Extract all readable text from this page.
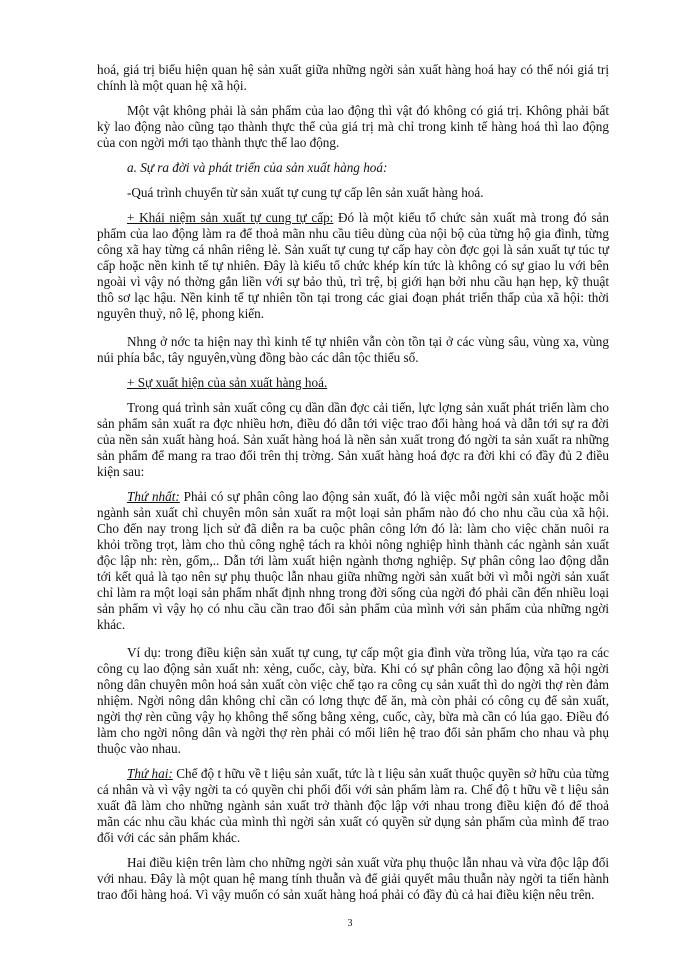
hoá, giá trị biểu hiện quan hệ sản xuất giữa những ngời sản xuất hàng hoá hay có thể nói giá trị chính là một quan hệ xã hội.

Một vật không phải là sản phẩm của lao động thì vật đó không có giá trị. Không phải bất kỳ lao động nào cũng tạo thành thực thể của giá trị mà chỉ trong kinh tế hàng hoá thì lao động của con ngời mới tạo thành thực thể lao động.

a. Sự ra đời và phát triển của sản xuất hàng hoá:

-Quá trình chuyển từ sản xuất tự cung tự cấp lên sản xuất hàng hoá.

+ Khái niệm sản xuất tự cung tự cấp: Đó là một kiểu tổ chức sản xuất mà trong đó sản phẩm của lao động làm ra để thoả mãn nhu cầu tiêu dùng của nội bộ của từng hộ gia đình, từng công xã hay từng cá nhân riêng lẻ. Sản xuất tự cung tự cấp hay còn đợc gọi là sản xuất tự túc tự cấp hoặc nền kinh tế tự nhiên. Đây là kiểu tổ chức khép kín tức là không có sự giao lu với bên ngoài vì vậy nó thờng gắn liền với sự bảo thủ, trì trệ, bị giới hạn bởi nhu cầu hạn hẹp, kỹ thuật thô sơ lạc hậu. Nền kinh tế tự nhiên tồn tại trong các giai đoạn phát triển thấp của xã hội: thời nguyên thuỷ, nô lệ, phong kiến.

Nhng ở nớc ta hiện nay thì kinh tế tự nhiên vẫn còn tồn tại ở các vùng sâu, vùng xa, vùng núi phía bắc, tây nguyên,vùng đồng bào các dân tộc thiểu số.

+ Sự xuất hiện của sản xuất hàng hoá.

Trong quá trình sản xuất công cụ dần dần đợc cải tiến, lực lợng sản xuất phát triển làm cho sản phẩm sản xuất ra đợc nhiều hơn, điều đó dẫn tới việc trao đổi hàng hoá và dẫn tới sự ra đời của nền sản xuất hàng hoá. Sản xuất hàng hoá là nền sản xuất trong đó ngời ta sản xuất ra những sản phẩm để mang ra trao đổi trên thị trờng. Sản xuất hàng hoá đợc ra đời khi có đầy đủ 2 điều kiện sau:

Thứ nhất: Phải có sự phân công lao động sản xuất, đó là việc mỗi ngời sản xuất hoặc mỗi ngành sản xuất chỉ chuyên môn sản xuất ra một loại sản phẩm nào đó cho nhu cầu của xã hội. Cho đến nay trong lịch sử đã diễn ra ba cuộc phân công lớn đó là: làm cho việc chăn nuôi ra khỏi trồng trọt, làm cho thủ công nghệ tách ra khỏi nông nghiệp hình thành các ngành sản xuất độc lập nh: rèn, gốm,.. Dẫn tới làm xuất hiện ngành thơng nghiệp. Sự phân công lao động dẫn tới kết quả là tạo nên sự phụ thuộc lẫn nhau giữa những ngời sản xuất bởi vì mỗi ngời sản xuất chỉ làm ra một loại sản phẩm nhất định nhng trong đời sống của ngời đó phải cần đến nhiều loại sản phẩm vì vậy họ có nhu cầu cần trao đổi sản phẩm của mình với sản phẩm của những ngời khác.

Ví dụ: trong điều kiện sản xuất tự cung, tự cấp một gia đình vừa trồng lúa, vừa tạo ra các công cụ lao động sản xuất nh: xẻng, cuốc, cày, bừa. Khi có sự phân công lao động xã hội ngời nông dân chuyên môn hoá sản xuất còn việc chế tạo ra công cụ sản xuất thì do ngời thợ rèn đảm nhiệm. Ngời nông dân không chỉ cần có lơng thực để ăn, mà còn phải có công cụ để sản xuất, ngời thợ rèn cũng vậy họ không thể sống bằng xẻng, cuốc, cày, bừa mà cần có lúa gạo. Điều đó làm cho ngời nông dân và ngời thợ rèn phải có mối liên hệ trao đổi sản phẩm cho nhau và phụ thuộc vào nhau.

Thứ hai: Chế độ t hữu về t liệu sản xuất, tức là t liệu sản xuất thuộc quyền sở hữu của từng cá nhân và vì vậy ngời ta có quyền chi phối đối với sản phẩm làm ra. Chế độ t hữu về t liệu sản xuất đã làm cho những ngành sản xuất trở thành độc lập với nhau trong điều kiện đó để thoả mãn các nhu cầu khác của mình thì ngời sản xuất có quyền sử dụng sản phẩm của mình để trao đổi với các sản phẩm khác.

Hai điều kiện trên làm cho những ngời sản xuất vừa phụ thuộc lẫn nhau và vừa độc lập đối với nhau. Đây là một quan hệ mang tính thuẫn và để giải quyết mâu thuẫn này ngời ta tiến hành trao đổi hàng hoá. Vì vậy muốn có sản xuất hàng hoá phải có đầy đủ cả hai điều kiện nêu trên.

3
